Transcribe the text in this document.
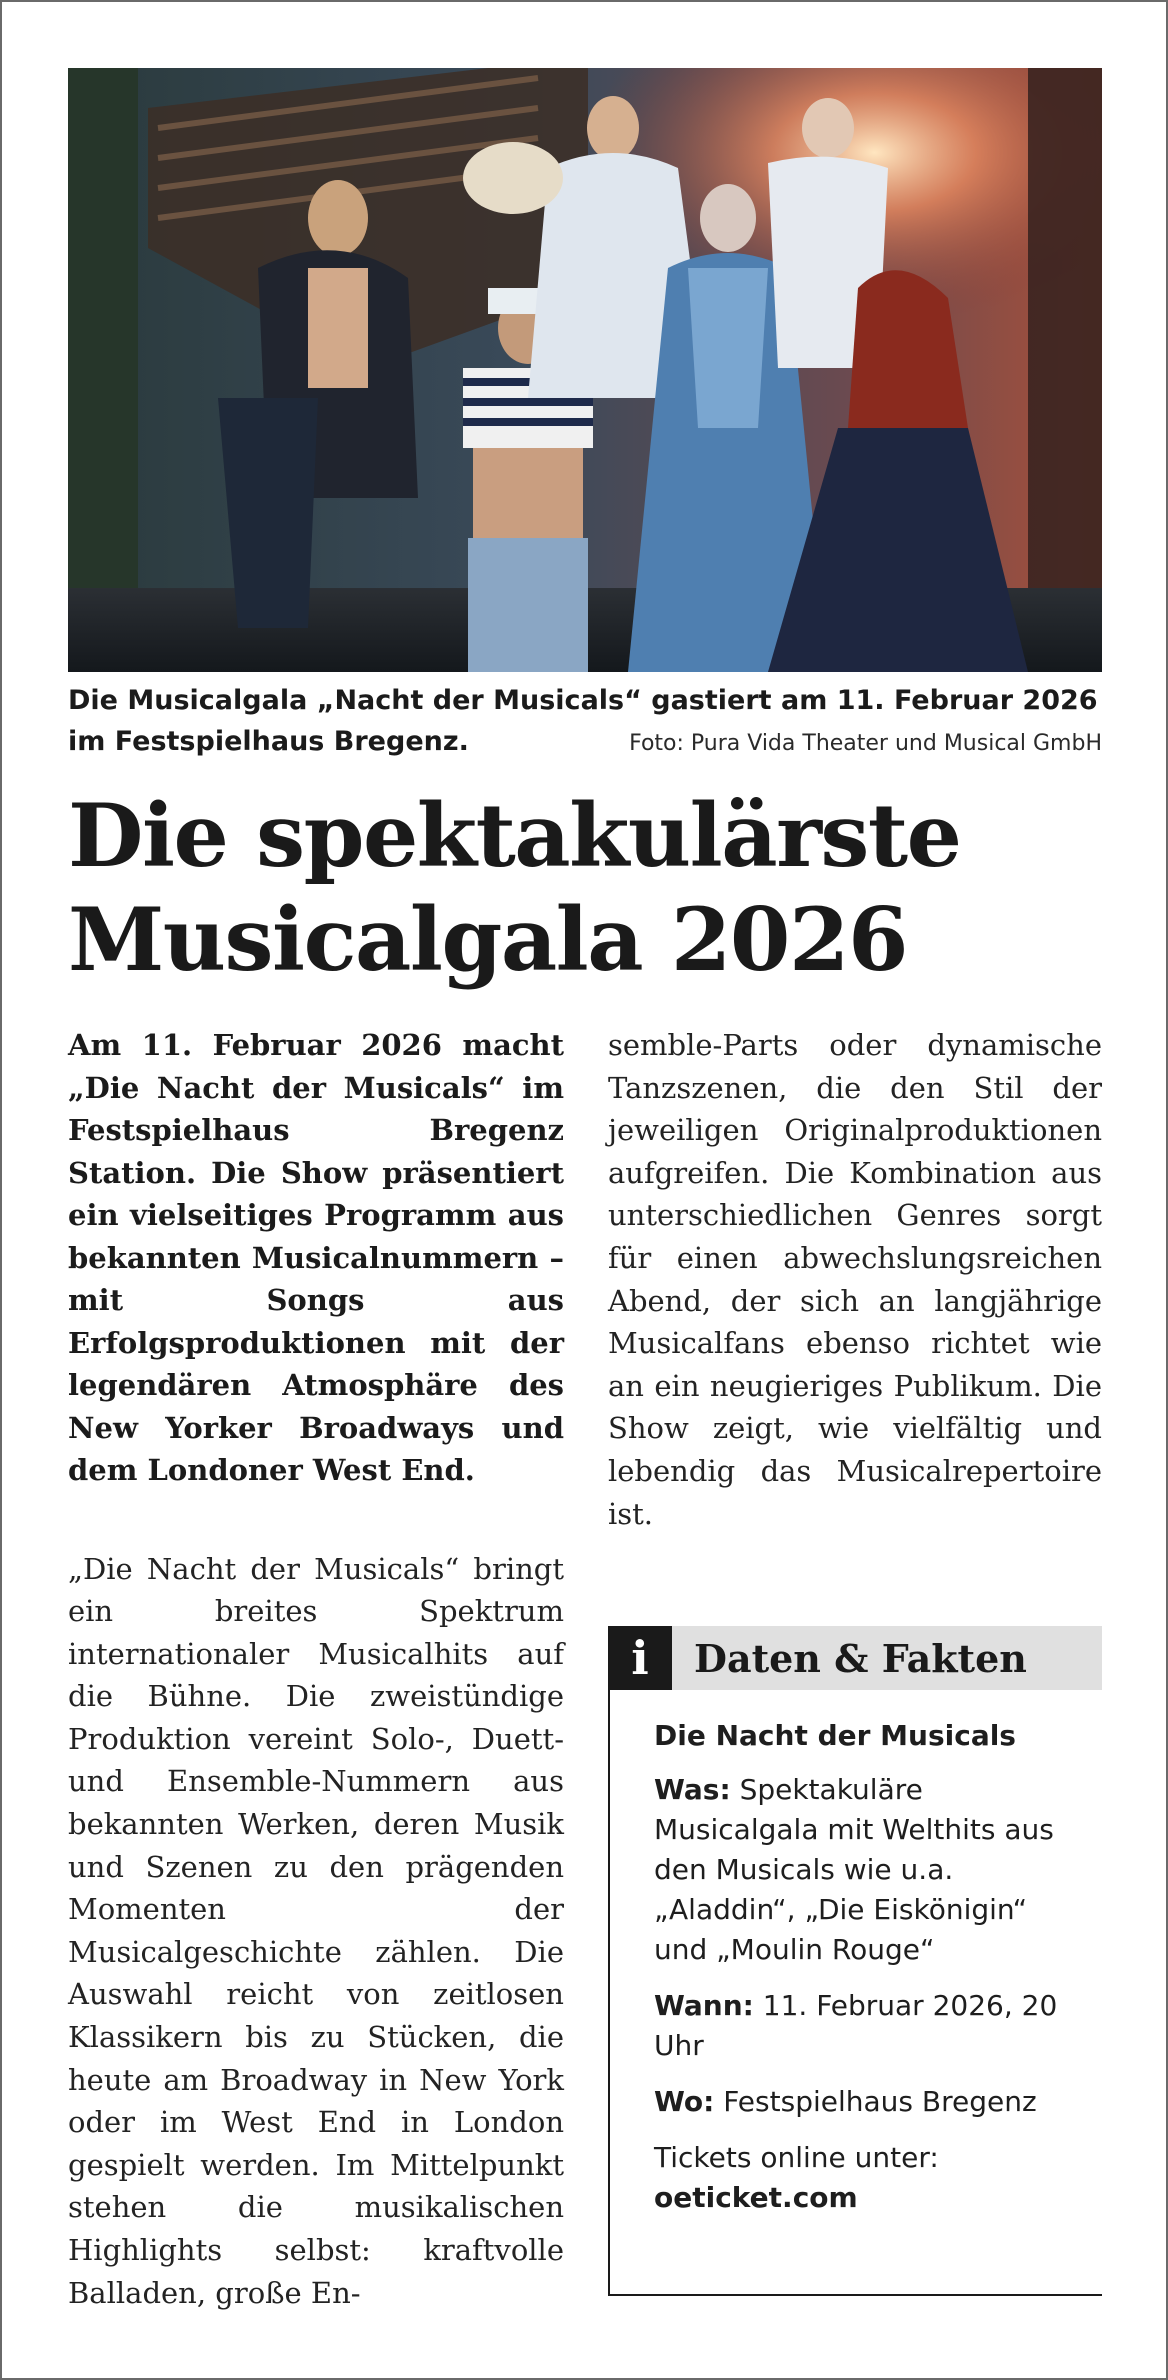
Die Musicalgala „Nacht der Musicals“ gastiert am 11. Februar 2026
im Festspielhaus Bregenz.	Foto: Pura Vida Theater und Musical GmbH
Die spektakulärste
Musicalgala 2026

Am 11. Februar 2026 macht „Die Nacht der Musicals“ im Festspielhaus Bregenz Station. Die Show präsentiert ein vielseitiges Programm aus bekannten Musicalnummern – mit Songs aus Erfolgsproduktionen mit der legendären Atmosphäre des New Yorker Broadways und dem Londoner West End.

„Die Nacht der Musicals“ bringt ein breites Spektrum internationaler Musicalhits auf die Bühne. Die zweistündige Produktion vereint Solo-, Duett- und Ensemble-Nummern aus bekannten Werken, deren Musik und Szenen zu den prägenden Momenten der Musicalgeschichte zählen. Die Auswahl reicht von zeitlosen Klassikern bis zu Stücken, die heute am Broadway in New York oder im West End in London gespielt werden. Im Mittelpunkt stehen die musikalischen Highlights selbst: kraftvolle Balladen, große En-

semble-Parts oder dynamische Tanzszenen, die den Stil der jeweiligen Originalproduktionen aufgreifen. Die Kombination aus unterschiedlichen Genres sorgt für einen abwechslungsreichen Abend, der sich an langjährige Musicalfans ebenso richtet wie an ein neugieriges Publikum. Die Show zeigt, wie vielfältig und lebendig das Musicalrepertoire ist.

i	Daten & Fakten

Die Nacht der Musicals

Was: Spektakuläre Musicalgala mit Welthits aus den Musicals wie u.a. „Aladdin“, „Die Eiskönigin“ und „Moulin Rouge“

Wann: 11. Februar 2026, 20 Uhr

Wo: Festspielhaus Bregenz

Tickets online unter:
oeticket.com
